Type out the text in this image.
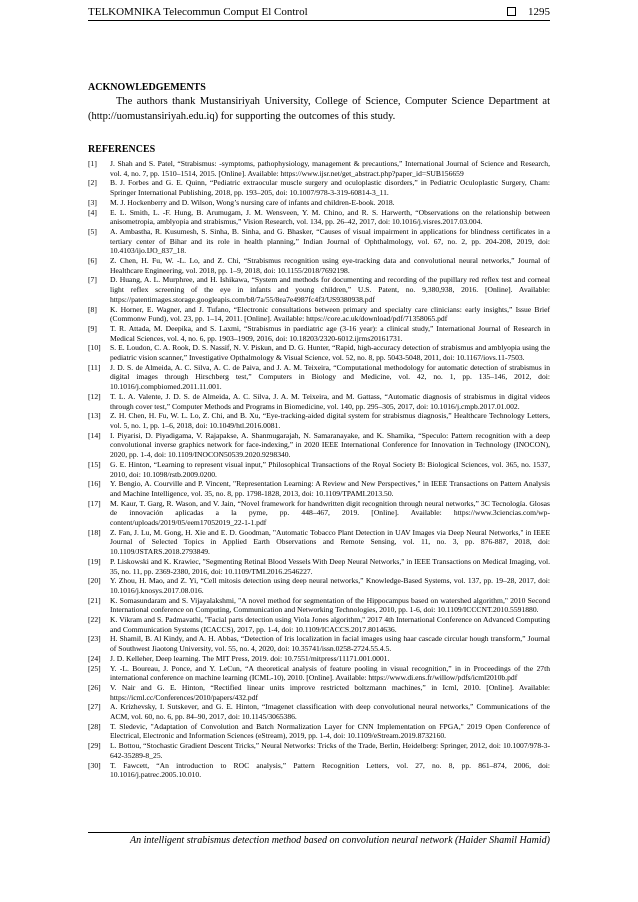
TELKOMNIKA Telecommun Comput El Control	1295
ACKNOWLEDGEMENTS

The authors thank Mustansiriyah University, College of Science, Computer Science Department at (http://uomustansiriyah.edu.iq) for supporting the outcomes of this study.

REFERENCES
[1] J. Shah and S. Patel, “Strabismus: -symptoms, pathophysiology, management & precautions,” International Journal of Science and Research, vol. 4, no. 7, pp. 1510–1514, 2015. [Online]. Available: https://www.ijsr.net/get_abstract.php?paper_id=SUB156659
[2] B. J. Forbes and G. E. Quinn, “Pediatric extraocular muscle surgery and oculoplastic disorders,” in Pediatric Oculoplastic Surgery, Cham: Springer International Publishing, 2018, pp. 193–205, doi: 10.1007/978-3-319-60814-3_11.
[3] M. J. Hockenberry and D. Wilson, Wong’s nursing care of infants and children-E-book. 2018.
[4] E. L. Smith, L. -F. Hung, B. Arumugam, J. M. Wensveen, Y. M. Chino, and R. S. Harwerth, “Observations on the relationship between anisometropia, amblyopia and strabismus,” Vision Research, vol. 134, pp. 26–42, 2017, doi: 10.1016/j.visres.2017.03.004.
[5] A. Ambastha, R. Kusumesh, S. Sinha, B. Sinha, and G. Bhasker, “Causes of visual impairment in applications for blindness certificates in a tertiary center of Bihar and its role in health planning,” Indian Journal of Ophthalmology, vol. 67, no. 2, pp. 204-208, 2019, doi: 10.4103/ijo.IJO_837_18.
[6] Z. Chen, H. Fu, W. -L. Lo, and Z. Chi, “Strabismus recognition using eye-tracking data and convolutional neural networks,” Journal of Healthcare Engineering, vol. 2018, pp. 1–9, 2018, doi: 10.1155/2018/7692198.
[7] D. Huang, A. L. Murphree, and H. Ishikawa, “System and methods for documenting and recording of the pupillary red reflex test and corneal light reflex screening of the eye in infants and young children,” U.S. Patent, no. 9,380,938, 2016. [Online]. Available: https://patentimages.storage.googleapis.com/b8/7a/55/8ea7e4987fc4f3/US9380938.pdf
[8] K. Horner, E. Wagner, and J. Tufano, “Electronic consultations between primary and specialty care clinicians: early insights,” Issue Brief (Commonw Fund), vol. 23, pp. 1–14, 2011. [Online]. Available: https://core.ac.uk/download/pdf/71358065.pdf
[9] T. R. Attada, M. Deepika, and S. Laxmi, “Strabismus in paediatric age (3-16 year): a clinical study,” International Journal of Research in Medical Sciences, vol. 4, no. 6, pp. 1903–1909, 2016, doi: 10.18203/2320-6012.ijrms20161731.
[10] S. E. Loudon, C. A. Rook, D. S. Nassif, N. V. Piskun, and D. G. Hunter, “Rapid, high-accuracy detection of strabismus and amblyopia using the pediatric vision scanner,” Investigative Opthalmology & Visual Science, vol. 52, no. 8, pp. 5043-5048, 2011, doi: 10.1167/iovs.11-7503.
[11] J. D. S. de Almeida, A. C. Silva, A. C. de Paiva, and J. A. M. Teixeira, “Computational methodology for automatic detection of strabismus in digital images through Hirschberg test,” Computers in Biology and Medicine, vol. 42, no. 1, pp. 135–146, 2012, doi: 10.1016/j.compbiomed.2011.11.001.
[12] T. L. A. Valente, J. D. S. de Almeida, A. C. Silva, J. A. M. Teixeira, and M. Gattass, “Automatic diagnosis of strabismus in digital videos through cover test,” Computer Methods and Programs in Biomedicine, vol. 140, pp. 295–305, 2017, doi: 10.1016/j.cmpb.2017.01.002.
[13] Z. H. Chen, H. Fu, W. L. Lo, Z. Chi, and B. Xu, “Eye-tracking-aided digital system for strabismus diagnosis,” Healthcare Technology Letters, vol. 5, no. 1, pp. 1–6, 2018, doi: 10.1049/htl.2016.0081.
[14] I. Piyarisi, D. Piyadigama, V. Rajapakse, A. Shanmugarajah, N. Samaranayake, and K. Shamika, “Speculo: Pattern recognition with a deep convolutional inverse graphics network for face-indexing,” in 2020 IEEE International Conference for Innovation in Technology (INOCON), 2020, pp. 1-4, doi: 10.1109/INOCON50539.2020.9298340.
[15] G. E. Hinton, “Learning to represent visual input,” Philosophical Transactions of the Royal Society B: Biological Sciences, vol. 365, no. 1537, 2010, doi: 10.1098/rstb.2009.0200.
[16] Y. Bengio, A. Courville and P. Vincent, "Representation Learning: A Review and New Perspectives," in IEEE Transactions on Pattern Analysis and Machine Intelligence, vol. 35, no. 8, pp. 1798-1828, 2013, doi: 10.1109/TPAMI.2013.50.
[17] M. Kaur, T. Garg, R. Wason, and V. Jain, “Novel framework for handwritten digit recognition through neural networks,” 3C Tecnología. Glosas de innovación aplicadas a la pyme, pp. 448–467, 2019. [Online]. Available: https://www.3ciencias.com/wp-content/uploads/2019/05/eem17052019_22-1-1.pdf
[18] Z. Fan, J. Lu, M. Gong, H. Xie and E. D. Goodman, "Automatic Tobacco Plant Detection in UAV Images via Deep Neural Networks," in IEEE Journal of Selected Topics in Applied Earth Observations and Remote Sensing, vol. 11, no. 3, pp. 876-887, 2018, doi: 10.1109/JSTARS.2018.2793849.
[19] P. Liskowski and K. Krawiec, "Segmenting Retinal Blood Vessels With Deep Neural Networks," in IEEE Transactions on Medical Imaging, vol. 35, no. 11, pp. 2369-2380, 2016, doi: 10.1109/TMI.2016.2546227.
[20] Y. Zhou, H. Mao, and Z. Yi, “Cell mitosis detection using deep neural networks,” Knowledge-Based Systems, vol. 137, pp. 19–28, 2017, doi: 10.1016/j.knosys.2017.08.016.
[21] K. Somasundaram and S. Vijayalakshmi, "A novel method for segmentation of the Hippocampus based on watershed algorithm," 2010 Second International conference on Computing, Communication and Networking Technologies, 2010, pp. 1-6, doi: 10.1109/ICCCNT.2010.5591880.
[22] K. Vikram and S. Padmavathi, "Facial parts detection using Viola Jones algorithm," 2017 4th International Conference on Advanced Computing and Communication Systems (ICACCS), 2017, pp. 1-4, doi: 10.1109/ICACCS.2017.8014636.
[23] H. Shamil, B. Al Kindy, and A. H. Abbas, “Detection of Iris localization in facial images using haar cascade circular hough transform,” Journal of Southwest Jiaotong University, vol. 55, no. 4, 2020, doi: 10.35741/issn.0258-2724.55.4.5.
[24] J. D. Kelleher, Deep learning. The MIT Press, 2019. doi: 10.7551/mitpress/11171.001.0001.
[25] Y. -L. Boureau, J. Ponce, and Y. LeCun, “A theoretical analysis of feature pooling in visual recognition,” in in Proceedings of the 27th international conference on machine learning (ICML-10), 2010. [Online]. Available: https://www.di.ens.fr/willow/pdfs/icml2010b.pdf
[26] V. Nair and G. E. Hinton, “Rectified linear units improve restricted boltzmann machines,” in Icml, 2010. [Online]. Available: https://icml.cc/Conferences/2010/papers/432.pdf
[27] A. Krizhevsky, I. Sutskever, and G. E. Hinton, “Imagenet classification with deep convolutional neural networks,” Communications of the ACM, vol. 60, no. 6, pp. 84–90, 2017, doi: 10.1145/3065386.
[28] T. Sledevic, "Adaptation of Convolution and Batch Normalization Layer for CNN Implementation on FPGA," 2019 Open Conference of Electrical, Electronic and Information Sciences (eStream), 2019, pp. 1-4, doi: 10.1109/eStream.2019.8732160.
[29] L. Bottou, “Stochastic Gradient Descent Tricks,” Neural Networks: Tricks of the Trade, Berlin, Heidelberg: Springer, 2012, doi: 10.1007/978-3-642-35289-8_25.
[30] T. Fawcett, “An introduction to ROC analysis,” Pattern Recognition Letters, vol. 27, no. 8, pp. 861–874, 2006, doi: 10.1016/j.patrec.2005.10.010.
An intelligent strabismus detection method based on convolution neural network (Haider Shamil Hamid)
